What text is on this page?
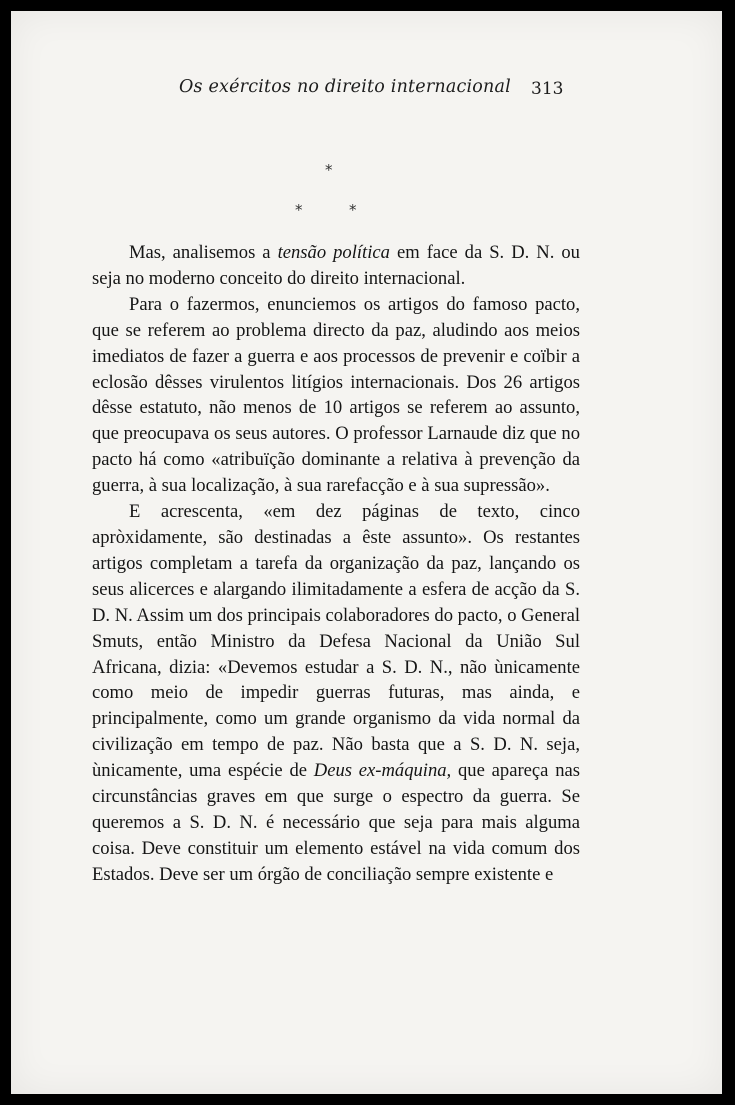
Os exércitos no direito internacional 313
*
*	*

Mas, analisemos a tensão política em face da S. D. N. ou seja no moderno conceito do direito internacional.

Para o fazermos, enunciemos os artigos do famoso pacto, que se referem ao problema directo da paz, aludindo aos meios imediatos de fazer a guerra e aos processos de prevenir e coïbir a eclosão dêsses virulentos litígios internacionais. Dos 26 artigos dêsse estatuto, não menos de 10 artigos se referem ao assunto, que preocupava os seus autores. O professor Larnaude diz que no pacto há como «atribuïção dominante a relativa à prevenção da guerra, à sua localização, à sua rarefacção e à sua supressão».

E acrescenta, «em dez páginas de texto, cinco apròxidamente, são destinadas a êste assunto». Os restantes artigos completam a tarefa da organização da paz, lançando os seus alicerces e alargando ilimitadamente a esfera de acção da S. D. N. Assim um dos principais colaboradores do pacto, o General Smuts, então Ministro da Defesa Nacional da União Sul Africana, dizia: «Devemos estudar a S. D. N., não ùnicamente como meio de impedir guerras futuras, mas ainda, e principalmente, como um grande organismo da vida normal da civilização em tempo de paz. Não basta que a S. D. N. seja, ùnicamente, uma espécie de Deus ex-máquina, que apareça nas circunstâncias graves em que surge o espectro da guerra. Se queremos a S. D. N. é necessário que seja para mais alguma coisa. Deve constituir um elemento estável na vida comum dos Estados. Deve ser um órgão de conciliação sempre existente e
